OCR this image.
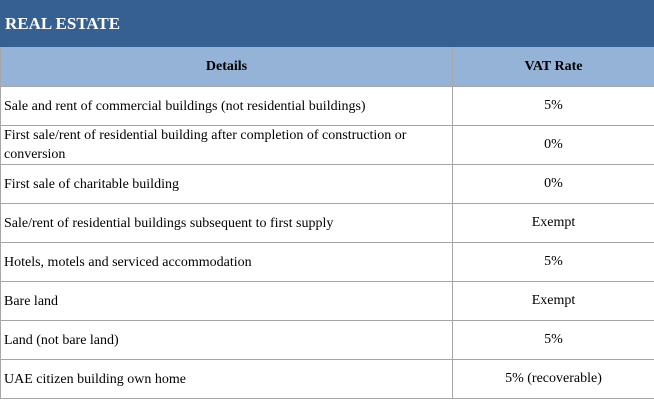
REAL ESTATE	
Details	VAT Rate
Sale and rent of commercial buildings (not residential buildings)	5%
First sale/rent of residential building after completion of construction or conversion	0%
First sale of charitable building	0%
Sale/rent of residential buildings subsequent to first supply	Exempt
Hotels, motels and serviced accommodation	5%
Bare land	Exempt
Land (not bare land)	5%
UAE citizen building own home	5% (recoverable)
